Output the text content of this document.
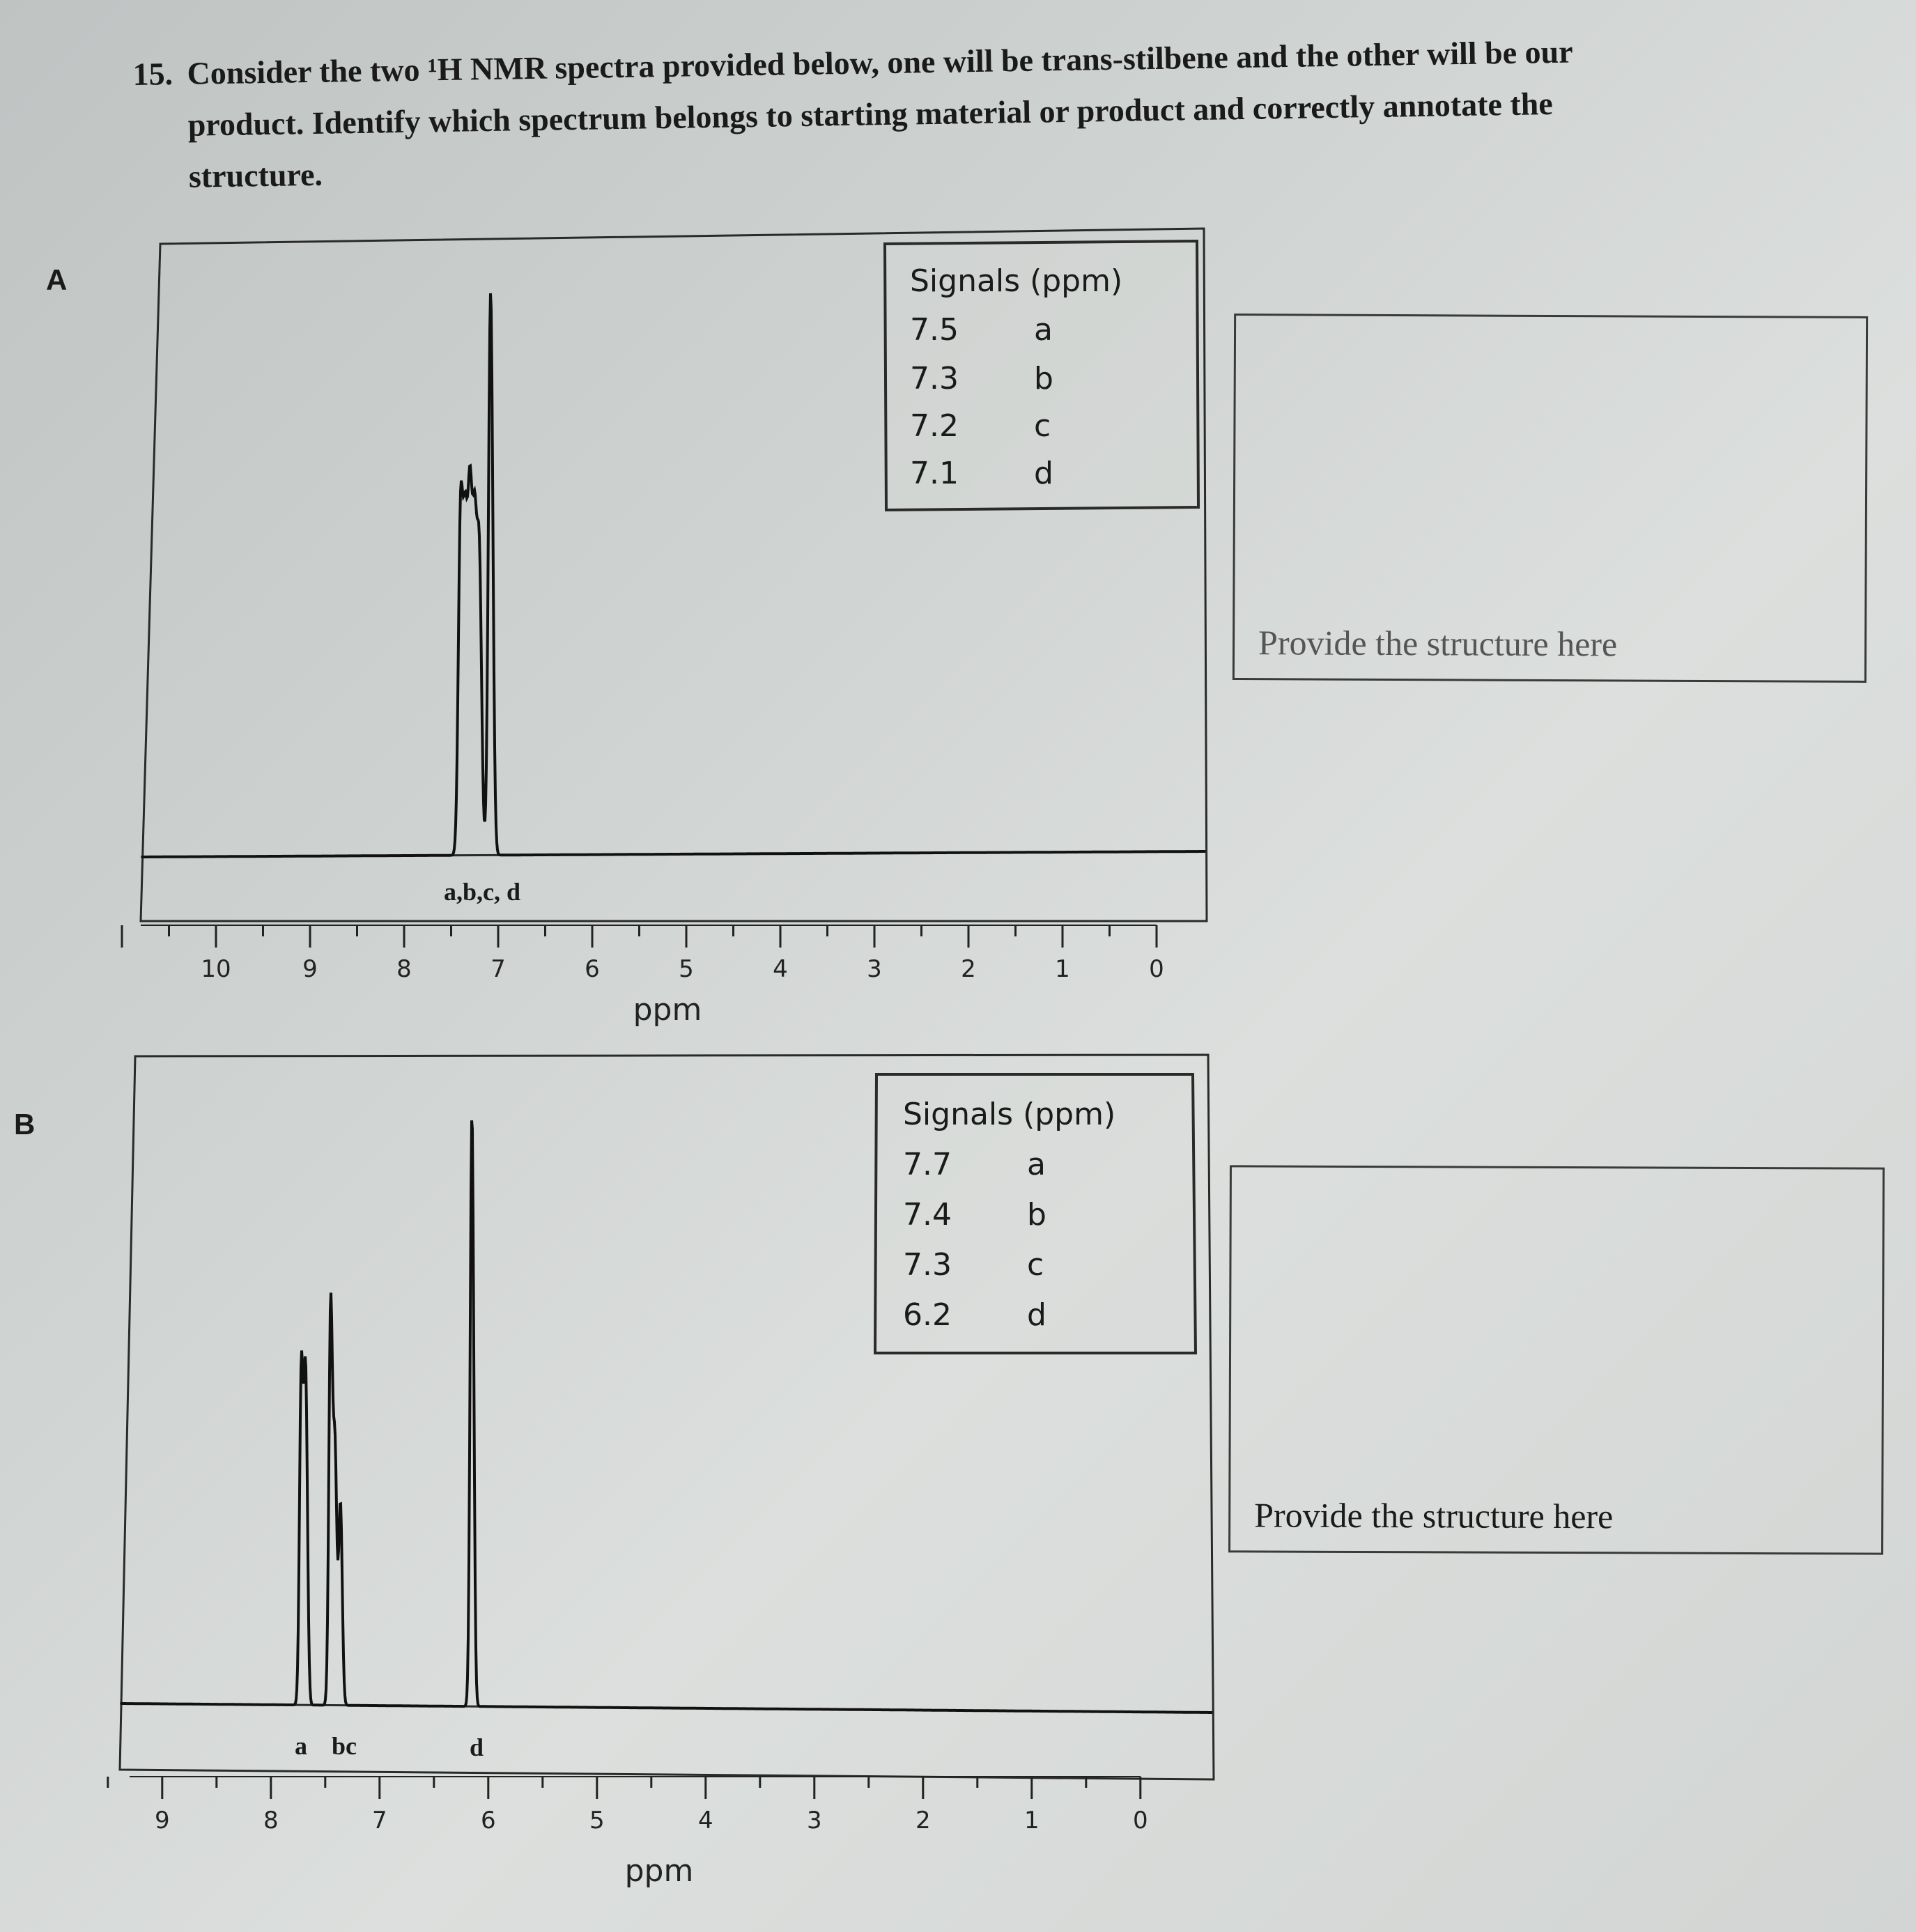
15. Consider the two ¹H NMR spectra provided below, one will be trans-stilbene and the other will be our
product. Identify which spectrum belongs to starting material or product and correctly annotate the
structure.
A
B
10	9	8	7	6	5	4	3	2	1	0
a,b,c, d
ppm
Signals (ppm)
7.5 a
7.3 b
7.2 c
7.1 d
9	8	7	6	5	4	3	2	1	0
a bc	d
ppm
Signals (ppm)
7.7 a
7.4 b
7.3 c
6.2 d
Provide the structure here
Provide the structure here
